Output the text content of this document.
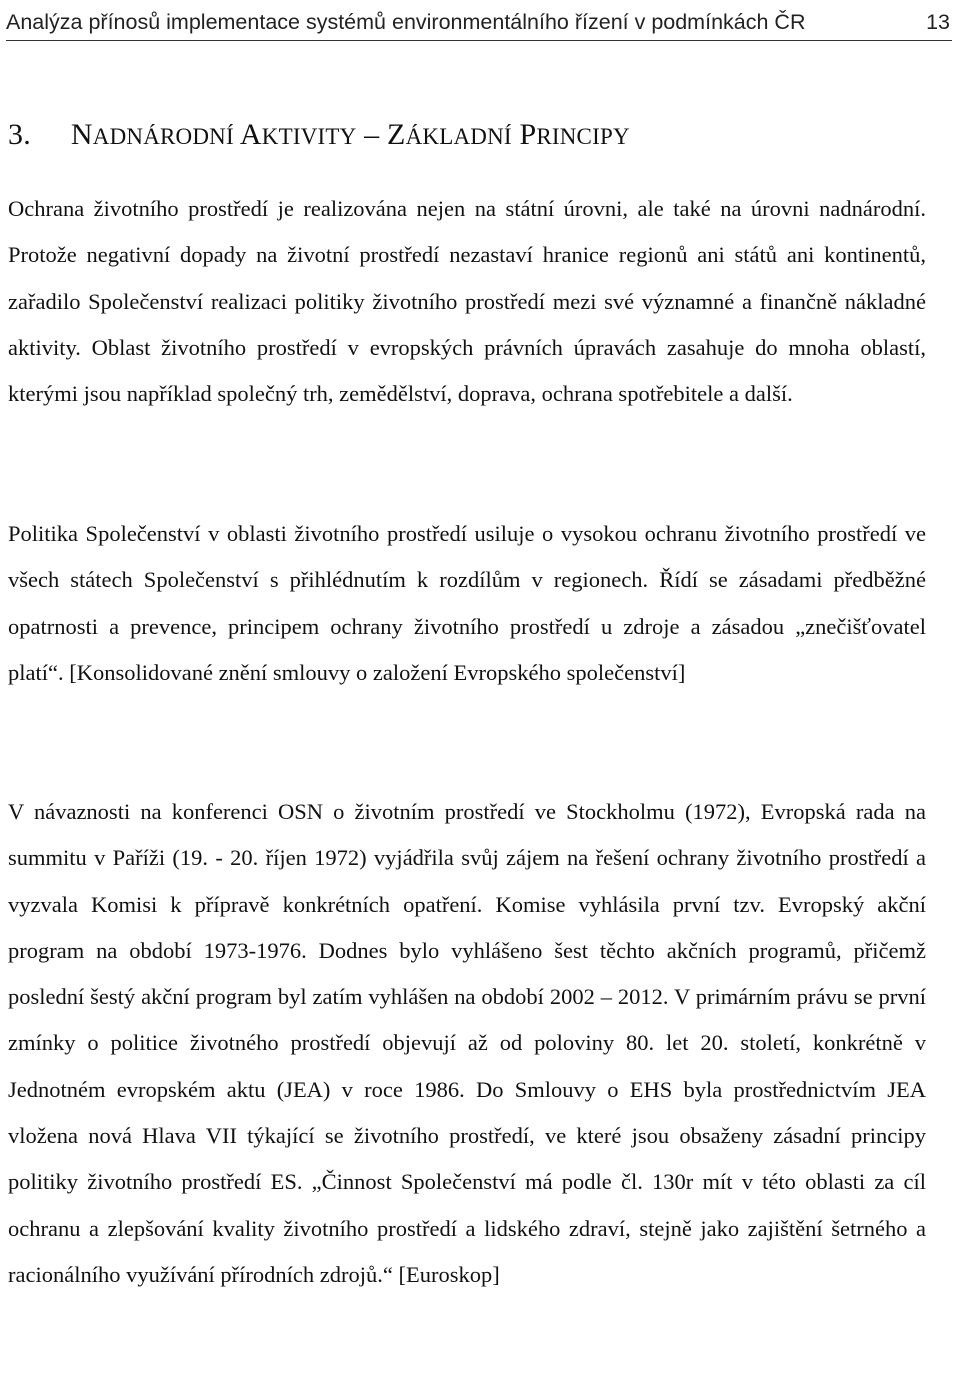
Analýza přínosů implementace systémů environmentálního řízení v podmínkách ČR	13
3. NADNÁRODNÍ AKTIVITY – ZÁKLADNÍ PRINCIPY

Ochrana životního prostředí je realizována nejen na státní úrovni, ale také na úrovni nadnárodní. Protože negativní dopady na životní prostředí nezastaví hranice regionů ani států ani kontinentů, zařadilo Společenství realizaci politiky životního prostředí mezi své významné a finančně nákladné aktivity. Oblast životního prostředí v evropských právních úpravách zasahuje do mnoha oblastí, kterými jsou například společný trh, zemědělství, doprava, ochrana spotřebitele a další.

Politika Společenství v oblasti životního prostředí usiluje o vysokou ochranu životního prostředí ve všech státech Společenství s přihlédnutím k rozdílům v regionech. Řídí se zásadami předběžné opatrnosti a prevence, principem ochrany životního prostředí u zdroje a zásadou „znečišťovatel platí“. [Konsolidované znění smlouvy o založení Evropského společenství]

V návaznosti na konferenci OSN o životním prostředí ve Stockholmu (1972), Evropská rada na summitu v Paříži (19. - 20. říjen 1972) vyjádřila svůj zájem na řešení ochrany životního prostředí a vyzvala Komisi k přípravě konkrétních opatření. Komise vyhlásila první tzv. Evropský akční program na období 1973-1976. Dodnes bylo vyhlášeno šest těchto akčních programů, přičemž poslední šestý akční program byl zatím vyhlášen na období 2002 – 2012. V primárním právu se první zmínky o politice životného prostředí objevují až od poloviny 80. let 20. století, konkrétně v Jednotném evropském aktu (JEA) v roce 1986. Do Smlouvy o EHS byla prostřednictvím JEA vložena nová Hlava VII týkající se životního prostředí, ve které jsou obsaženy zásadní principy politiky životního prostředí ES. „Činnost Společenství má podle čl. 130r mít v této oblasti za cíl ochranu a zlepšování kvality životního prostředí a lidského zdraví, stejně jako zajištění šetrného a racionálního využívání přírodních zdrojů.“ [Euroskop]
